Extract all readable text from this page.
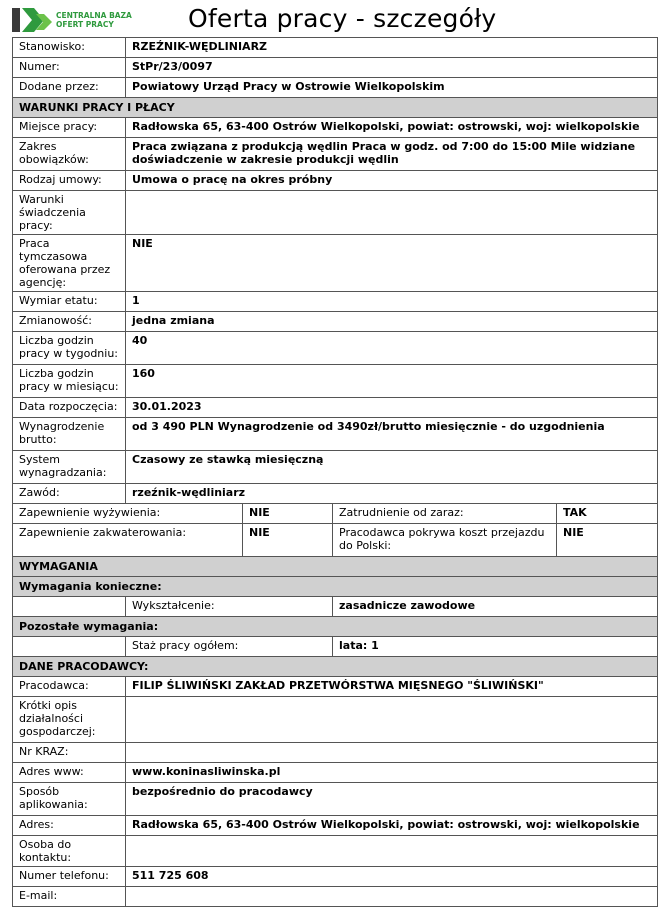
CENTRALNA BAZA
OFERT PRACY	Oferta pracy - szczegóły
Stanowisko:	RZEŹNIK-WĘDLINIARZ			
Numer:	StPr/23/0097			
Dodane przez:	Powiatowy Urząd Pracy w Ostrowie Wielkopolskim			
WARUNKI PRACY I PŁACY				
Miejsce pracy:	Radłowska 65, 63-400 Ostrów Wielkopolski, powiat: ostrowski, woj: wielkopolskie			
Zakres obowiązków:	Praca związana z produkcją wędlin Praca w godz. od 7:00 do 15:00 Mile widziane doświadczenie w zakresie produkcji wędlin			
Rodzaj umowy:	Umowa o pracę na okres próbny			
Warunki świadczenia pracy:				
Praca tymczasowa oferowana przez agencję:	NIE			
Wymiar etatu:	1			
Zmianowość:	jedna zmiana			
Liczba godzin pracy w tygodniu:	40			
Liczba godzin pracy w miesiącu:	160			
Data rozpoczęcia:	30.01.2023			
Wynagrodzenie brutto:	od 3 490 PLN Wynagrodzenie od 3490zł/brutto miesięcznie - do uzgodnienia			
System wynagradzania:	Czasowy ze stawką miesięczną			
Zawód:	rzeźnik-wędliniarz			
Zapewnienie wyżywienia:		NIE	Zatrudnienie od zaraz:	TAK
Zapewnienie zakwaterowania:		NIE	Pracodawca pokrywa koszt przejazdu do Polski:	NIE
WYMAGANIA				
Wymagania konieczne:				
	Wykształcenie:		zasadnicze zawodowe	
Pozostałe wymagania:				
	Staż pracy ogółem:		lata: 1	
DANE PRACODAWCY:				
Pracodawca:	FILIP ŚLIWIŃSKI ZAKŁAD PRZETWÓRSTWA MIĘSNEGO "ŚLIWIŃSKI"			
Krótki opis działalności gospodarczej:				
Nr KRAZ:				
Adres www:	www.koninasliwinska.pl			
Sposób aplikowania:	bezpośrednio do pracodawcy			
Adres:	Radłowska 65, 63-400 Ostrów Wielkopolski, powiat: ostrowski, woj: wielkopolskie			
Osoba do kontaktu:				
Numer telefonu:	511 725 608			
E-mail:				
